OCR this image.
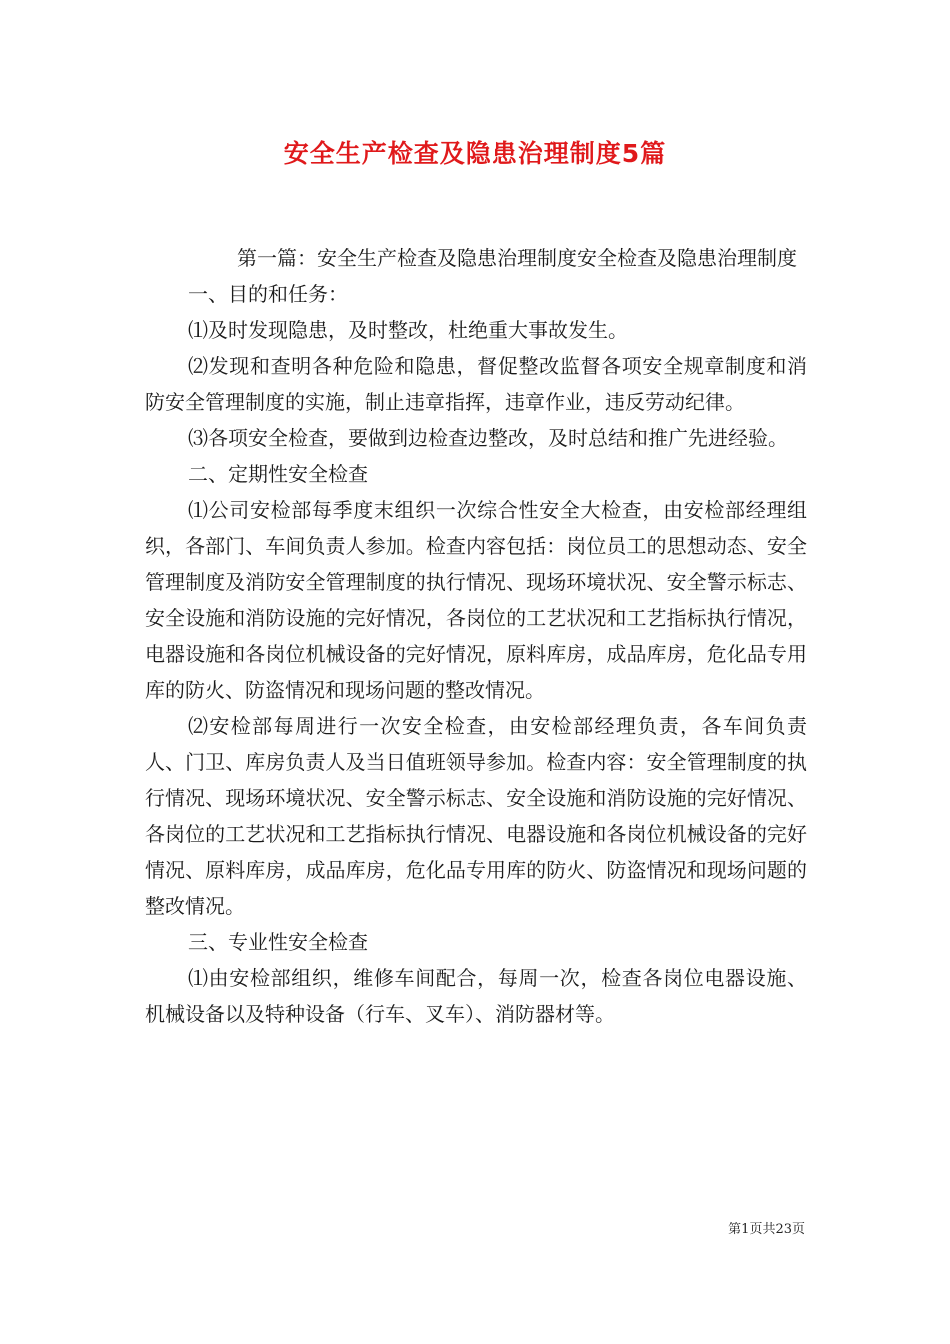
安全生产检查及隐患治理制度5篇

第一篇：安全生产检查及隐患治理制度安全检查及隐患治理制度

一、目的和任务：

⑴及时发现隐患，及时整改，杜绝重大事故发生。

⑵发现和查明各种危险和隐患，督促整改监督各项安全规章制度和消防安全管理制度的实施，制止违章指挥，违章作业，违反劳动纪律。

⑶各项安全检查，要做到边检查边整改，及时总结和推广先进经验。

二、定期性安全检查

⑴公司安检部每季度末组织一次综合性安全大检查，由安检部经理组织，各部门、车间负责人参加。检查内容包括：岗位员工的思想动态、安全管理制度及消防安全管理制度的执行情况、现场环境状况、安全警示标志、安全设施和消防设施的完好情况，各岗位的工艺状况和工艺指标执行情况，电器设施和各岗位机械设备的完好情况，原料库房，成品库房，危化品专用库的防火、防盗情况和现场问题的整改情况。

⑵安检部每周进行一次安全检查，由安检部经理负责，各车间负责人、门卫、库房负责人及当日值班领导参加。检查内容：安全管理制度的执行情况、现场环境状况、安全警示标志、安全设施和消防设施的完好情况、各岗位的工艺状况和工艺指标执行情况、电器设施和各岗位机械设备的完好情况、原料库房，成品库房，危化品专用库的防火、防盗情况和现场问题的整改情况。

三、专业性安全检查

⑴由安检部组织，维修车间配合，每周一次，检查各岗位电器设施、机械设备以及特种设备（行车、叉车）、消防器材等。

第1页共23页
